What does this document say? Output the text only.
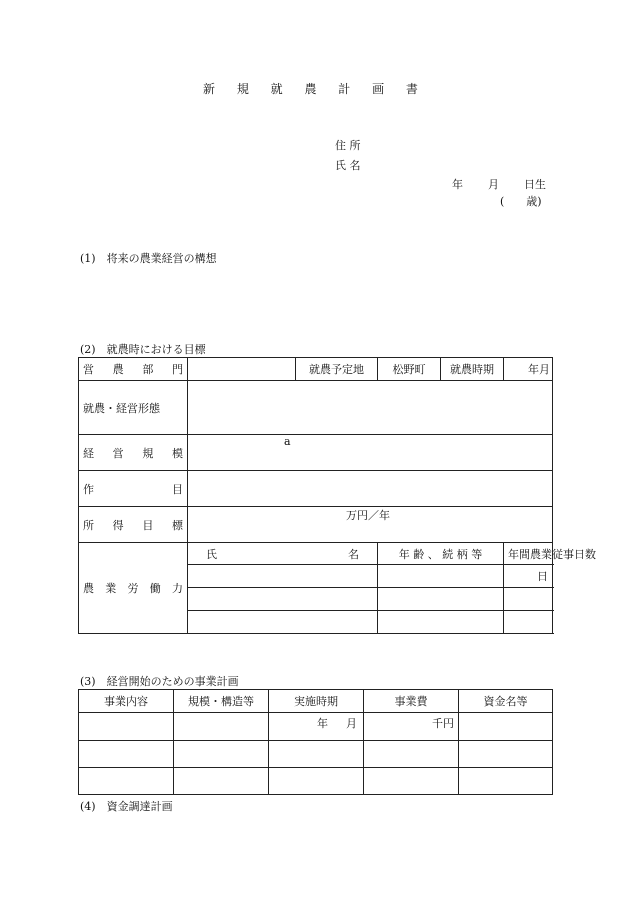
新 規 就 農 計 画 書
住 所
氏 名
年 月 日生
(　　歳)
(1)　将来の農業経営の構想
(2)　就農時における目標
営 農 部 門		就農予定地	松野町	就農時期	年 月

就農・経営形態					

経 営 規 模	a				

作 目					

所 得 目 標	万円／年				

農 業 労 働 力	氏 名		年 齢 、 続 柄 等		年間農業従事日数
					日

(3)　経営開始のための事業計画
事業内容	規模・構造等	実施時期	事業費	資金名等

		年 月	千円	

(4)　資金調達計画
